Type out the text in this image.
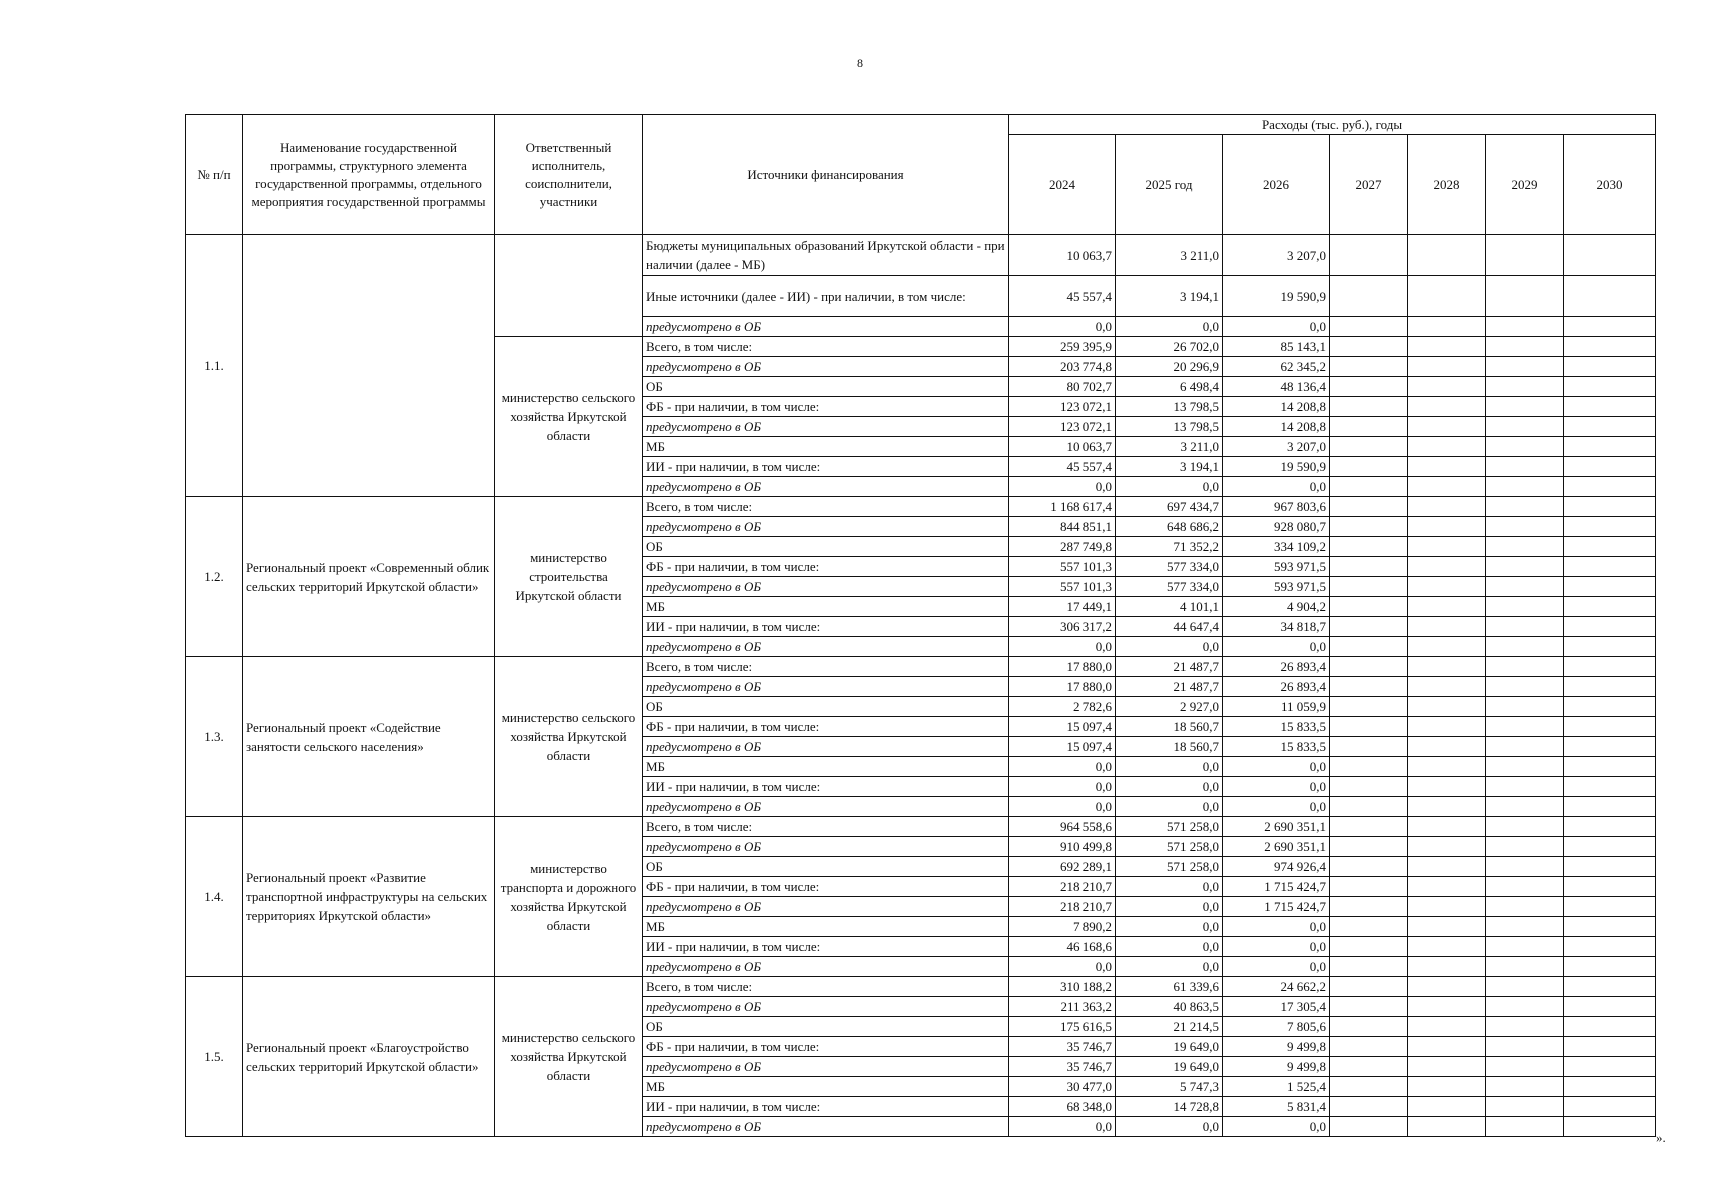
8
№ п/п	Наименование государственной программы, структурного элемента государственной программы, отдельного мероприятия государственной программы	Ответственный исполнитель, соисполнители, участники	Источники финансирования	Расходы (тыс. руб.), годы						
				2024	2025 год	2026	2027	2028	2029	2030
1.1.			Бюджеты муниципальных образований Иркутской области - при наличии (далее - МБ)	10 063,7	3 211,0	3 207,0				
			Иные источники (далее - ИИ) - при наличии, в том числе:	45 557,4	3 194,1	19 590,9				
			предусмотрено в ОБ	0,0	0,0	0,0				
		министерство сельского хозяйства Иркутской области	Всего, в том числе:	259 395,9	26 702,0	85 143,1				
			предусмотрено в ОБ	203 774,8	20 296,9	62 345,2				
			ОБ	80 702,7	6 498,4	48 136,4				
			ФБ - при наличии, в том числе:	123 072,1	13 798,5	14 208,8				
			предусмотрено в ОБ	123 072,1	13 798,5	14 208,8				
			МБ	10 063,7	3 211,0	3 207,0				
			ИИ - при наличии, в том числе:	45 557,4	3 194,1	19 590,9				
			предусмотрено в ОБ	0,0	0,0	0,0				
1.2.	Региональный проект «Современный облик сельских территорий Иркутской области»	министерство строительства Иркутской области	Всего, в том числе:	1 168 617,4	697 434,7	967 803,6				
			предусмотрено в ОБ	844 851,1	648 686,2	928 080,7				
			ОБ	287 749,8	71 352,2	334 109,2				
			ФБ - при наличии, в том числе:	557 101,3	577 334,0	593 971,5				
			предусмотрено в ОБ	557 101,3	577 334,0	593 971,5				
			МБ	17 449,1	4 101,1	4 904,2				
			ИИ - при наличии, в том числе:	306 317,2	44 647,4	34 818,7				
			предусмотрено в ОБ	0,0	0,0	0,0				
1.3.	Региональный проект «Содействие занятости сельского населения»	министерство сельского хозяйства Иркутской области	Всего, в том числе:	17 880,0	21 487,7	26 893,4				
			предусмотрено в ОБ	17 880,0	21 487,7	26 893,4				
			ОБ	2 782,6	2 927,0	11 059,9				
			ФБ - при наличии, в том числе:	15 097,4	18 560,7	15 833,5				
			предусмотрено в ОБ	15 097,4	18 560,7	15 833,5				
			МБ	0,0	0,0	0,0				
			ИИ - при наличии, в том числе:	0,0	0,0	0,0				
			предусмотрено в ОБ	0,0	0,0	0,0				
1.4.	Региональный проект «Развитие транспортной инфраструктуры на сельских территориях Иркутской области»	министерство транспорта и дорожного хозяйства Иркутской области	Всего, в том числе:	964 558,6	571 258,0	2 690 351,1				
			предусмотрено в ОБ	910 499,8	571 258,0	2 690 351,1				
			ОБ	692 289,1	571 258,0	974 926,4				
			ФБ - при наличии, в том числе:	218 210,7	0,0	1 715 424,7				
			предусмотрено в ОБ	218 210,7	0,0	1 715 424,7				
			МБ	7 890,2	0,0	0,0				
			ИИ - при наличии, в том числе:	46 168,6	0,0	0,0				
			предусмотрено в ОБ	0,0	0,0	0,0				
1.5.	Региональный проект «Благоустройство сельских территорий Иркутской области»	министерство сельского хозяйства Иркутской области	Всего, в том числе:	310 188,2	61 339,6	24 662,2				
			предусмотрено в ОБ	211 363,2	40 863,5	17 305,4				
			ОБ	175 616,5	21 214,5	7 805,6				
			ФБ - при наличии, в том числе:	35 746,7	19 649,0	9 499,8				
			предусмотрено в ОБ	35 746,7	19 649,0	9 499,8				
			МБ	30 477,0	5 747,3	1 525,4				
			ИИ - при наличии, в том числе:	68 348,0	14 728,8	5 831,4				
			предусмотрено в ОБ	0,0	0,0	0,0				
».
